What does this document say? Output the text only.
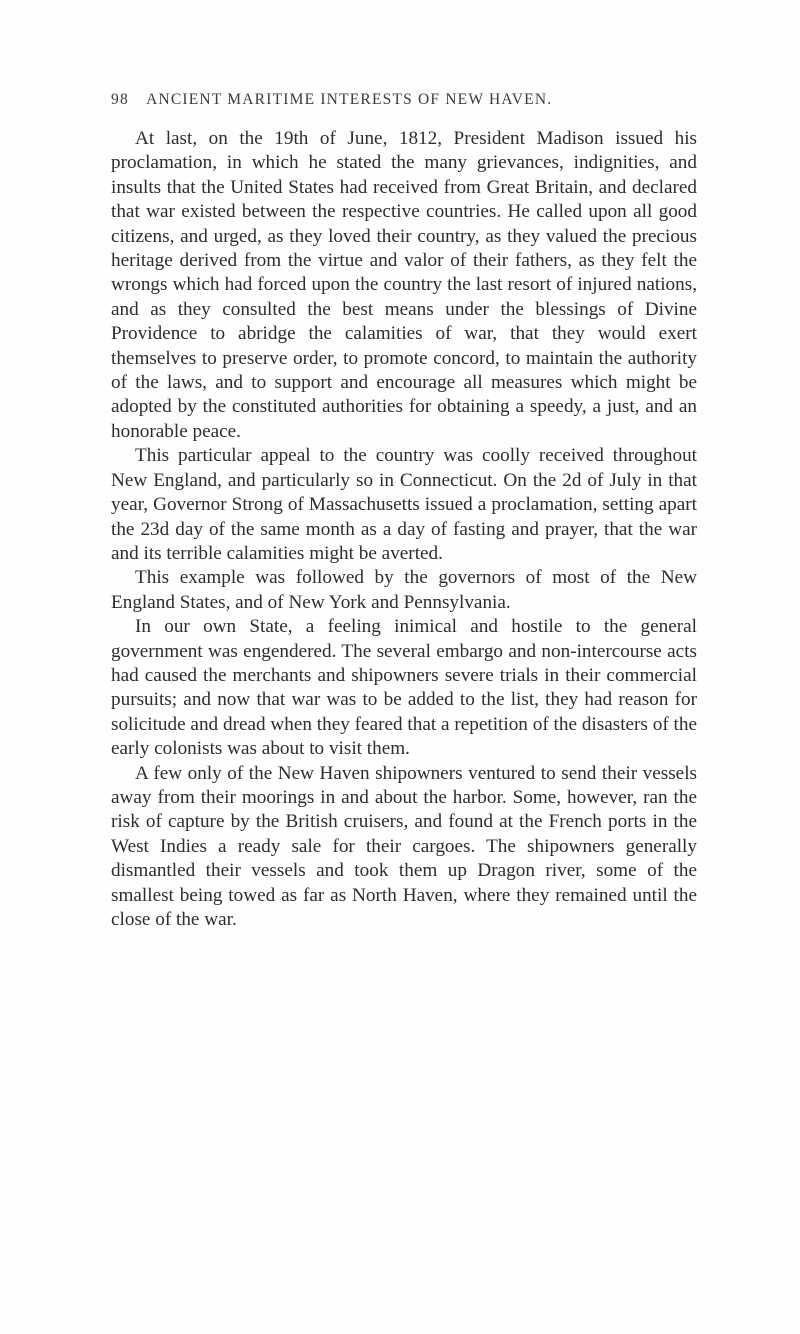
98 ANCIENT MARITIME INTERESTS OF NEW HAVEN.

At last, on the 19th of June, 1812, President Madison issued his proclamation, in which he stated the many grievances, indignities, and insults that the United States had received from Great Britain, and declared that war existed between the respective countries. He called upon all good citizens, and urged, as they loved their country, as they valued the precious heritage derived from the virtue and valor of their fathers, as they felt the wrongs which had forced upon the country the last resort of injured nations, and as they consulted the best means under the blessings of Divine Providence to abridge the calamities of war, that they would exert themselves to preserve order, to promote concord, to maintain the authority of the laws, and to support and encourage all measures which might be adopted by the constituted authorities for obtaining a speedy, a just, and an honorable peace.

This particular appeal to the country was coolly received throughout New England, and particularly so in Connecticut. On the 2d of July in that year, Governor Strong of Massachusetts issued a proclamation, setting apart the 23d day of the same month as a day of fasting and prayer, that the war and its terrible calamities might be averted.

This example was followed by the governors of most of the New England States, and of New York and Pennsylvania.

In our own State, a feeling inimical and hostile to the general government was engendered. The several embargo and non-intercourse acts had caused the merchants and shipowners severe trials in their commercial pursuits; and now that war was to be added to the list, they had reason for solicitude and dread when they feared that a repetition of the disasters of the early colonists was about to visit them.

A few only of the New Haven shipowners ventured to send their vessels away from their moorings in and about the harbor. Some, however, ran the risk of capture by the British cruisers, and found at the French ports in the West Indies a ready sale for their cargoes. The shipowners generally dismantled their vessels and took them up Dragon river, some of the smallest being towed as far as North Haven, where they remained until the close of the war.
